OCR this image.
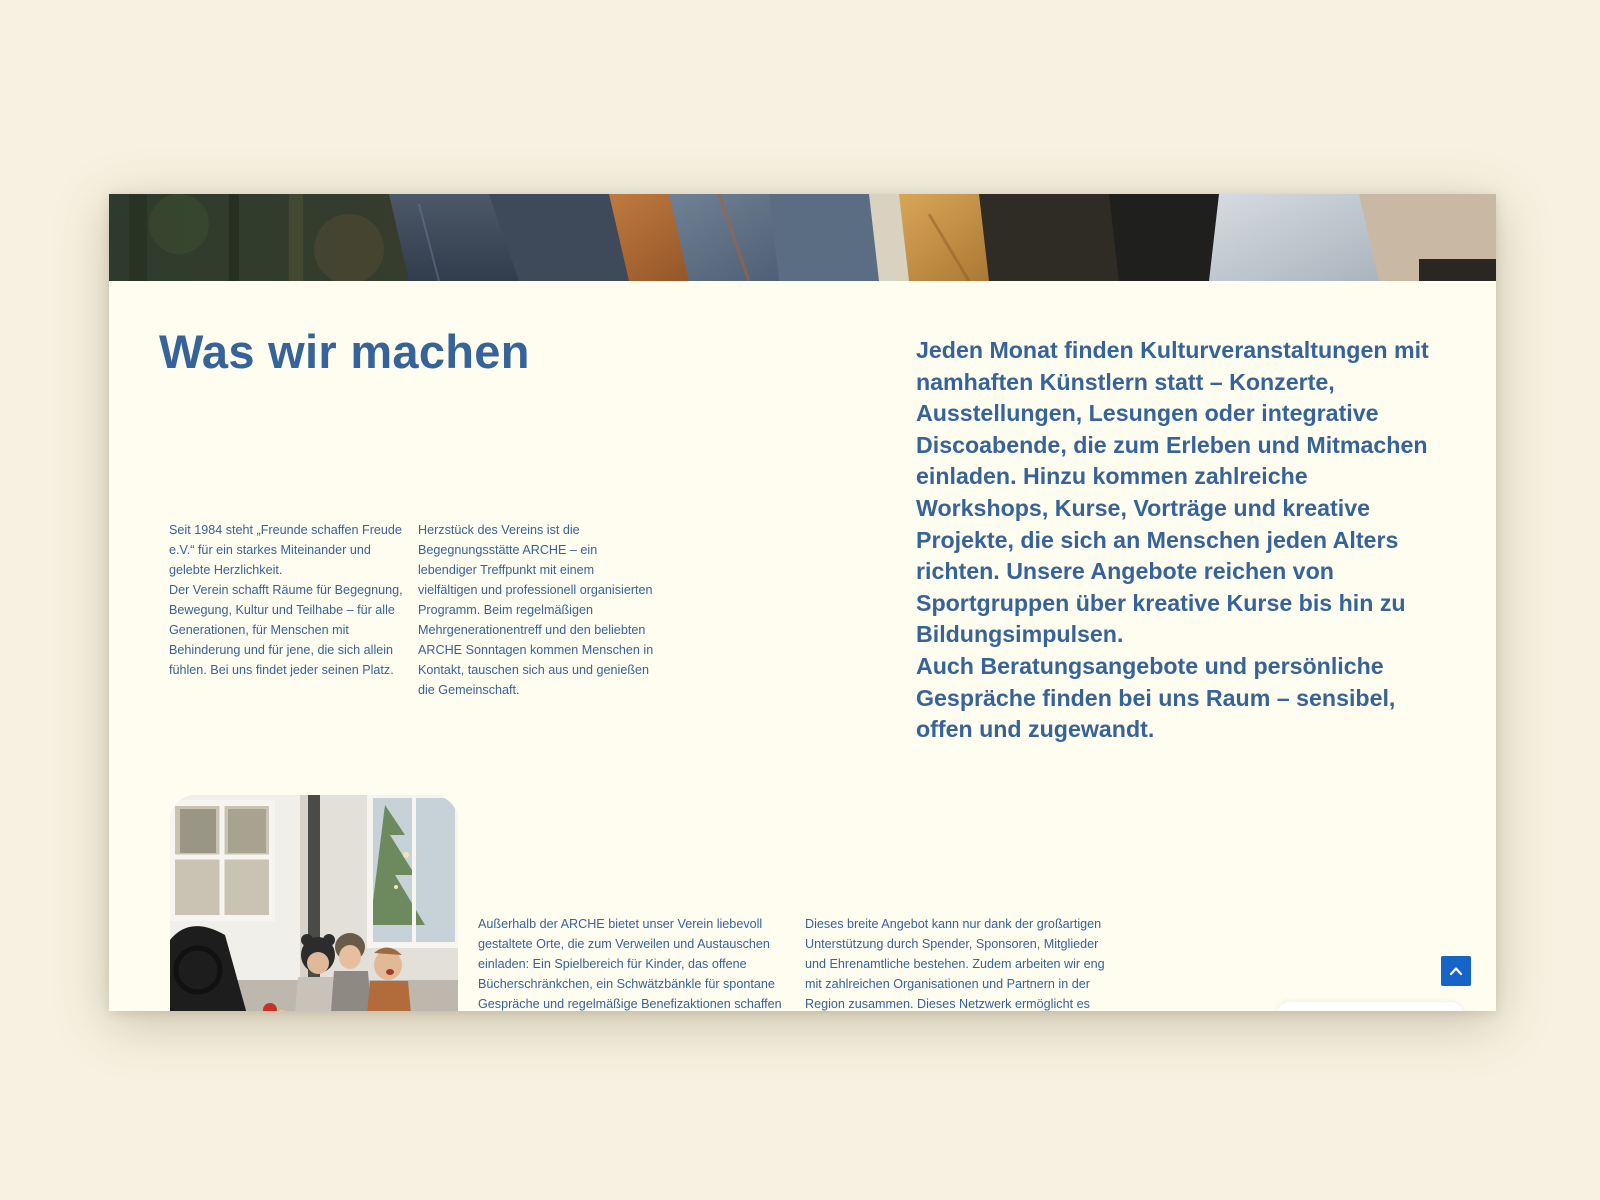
Was wir machen

Seit 1984 steht „Freunde schaffen Freude e.V.“ für ein starkes Miteinander und gelebte Herzlichkeit.

Der Verein schafft Räume für Begegnung, Bewegung, Kultur und Teilhabe – für alle Generationen, für Menschen mit Behinderung und für jene, die sich allein fühlen. Bei uns findet jeder seinen Platz.

Herzstück des Vereins ist die Begegnungsstätte ARCHE – ein lebendiger Treffpunkt mit einem vielfältigen und professionell organisierten Programm. Beim regelmäßigen Mehrgenerationentreff und den beliebten ARCHE Sonntagen kommen Menschen in Kontakt, tauschen sich aus und genießen die Gemeinschaft.

Jeden Monat finden Kulturveranstaltungen mit namhaften Künstlern statt – Konzerte, Ausstellungen, Lesungen oder integrative Discoabende, die zum Erleben und Mitmachen einladen. Hinzu kommen zahlreiche Workshops, Kurse, Vorträge und kreative Projekte, die sich an Menschen jeden Alters richten. Unsere Angebote reichen von Sportgruppen über kreative Kurse bis hin zu Bildungsimpulsen.

Auch Beratungsangebote und persönliche Gespräche finden bei uns Raum – sensibel, offen und zugewandt.

Außerhalb der ARCHE bietet unser Verein liebevoll gestaltete Orte, die zum Verweilen und Austauschen einladen: Ein Spielbereich für Kinder, das offene Bücherschränkchen, ein Schwätzbänkle für spontane Gespräche und regelmäßige Benefizaktionen schaffen

Dieses breite Angebot kann nur dank der großartigen Unterstützung durch Spender, Sponsoren, Mitglieder und Ehrenamtliche bestehen. Zudem arbeiten wir eng mit zahlreichen Organisationen und Partnern in der Region zusammen. Dieses Netzwerk ermöglicht es
